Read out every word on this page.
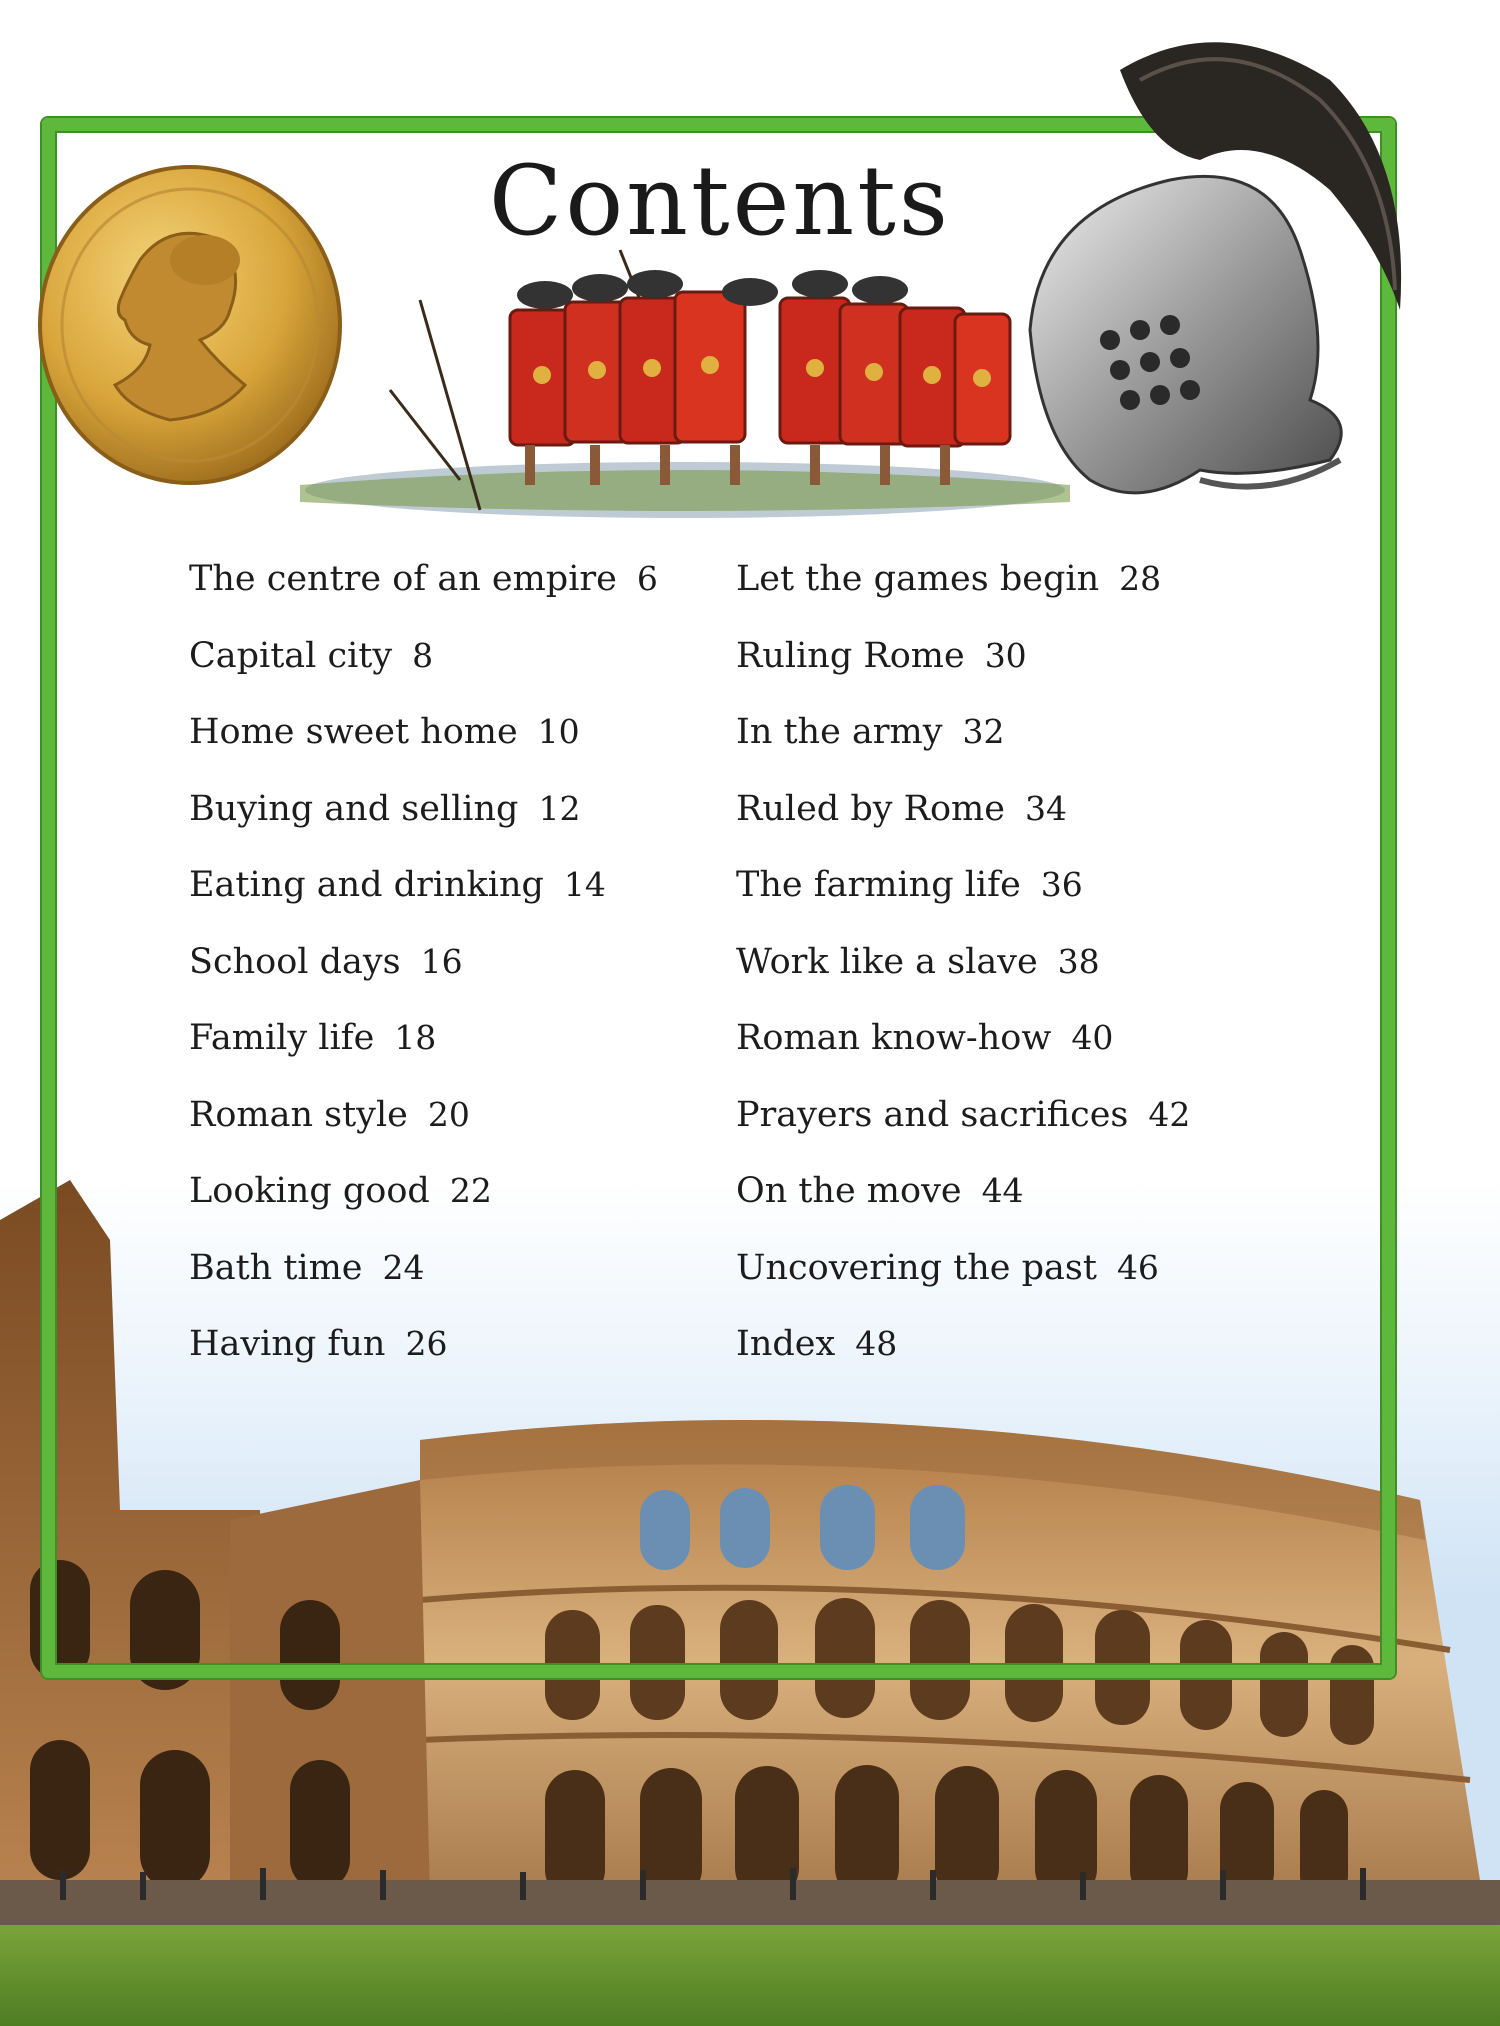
Contents
The centre of an empire 6
Capital city 8
Home sweet home 10
Buying and selling 12
Eating and drinking 14
School days 16
Family life 18
Roman style 20
Looking good 22
Bath time 24
Having fun 26
Let the games begin 28
Ruling Rome 30
In the army 32
Ruled by Rome 34
The farming life 36
Work like a slave 38
Roman know-how 40
Prayers and sacrifices 42
On the move 44
Uncovering the past 46
Index 48
